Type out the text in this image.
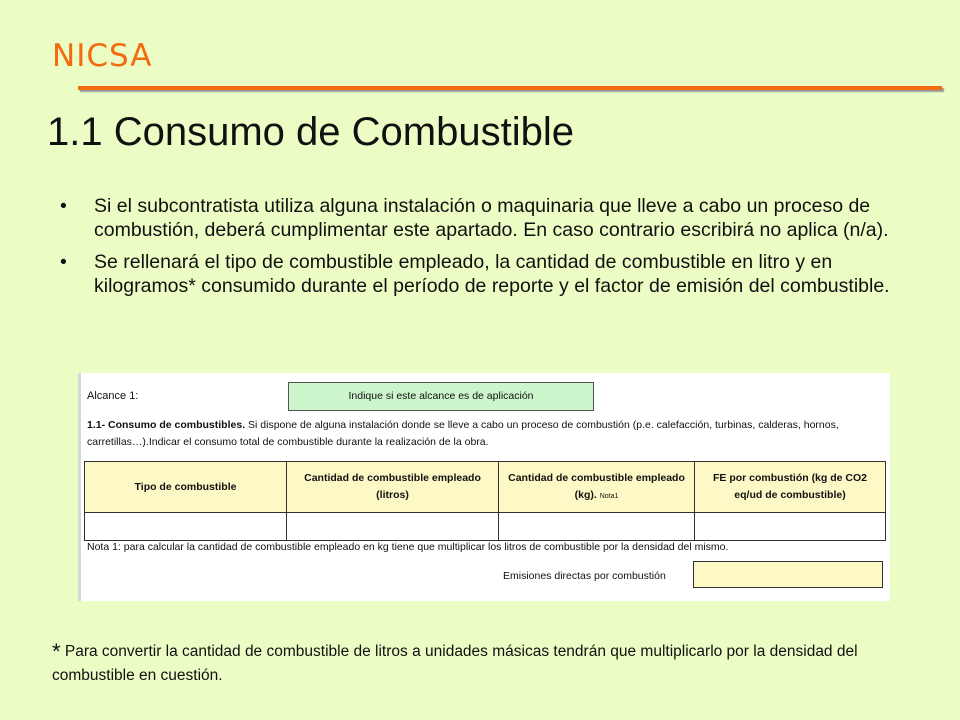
NICSA
1.1 Consumo de Combustible
• Si el subcontratista utiliza alguna instalación o maquinaria que lleve a cabo un proceso de combustión, deberá cumplimentar este apartado. En caso contrario escribirá no aplica (n/a).
• Se rellenará el tipo de combustible empleado, la cantidad de combustible en litro y en kilogramos* consumido durante el período de reporte y el factor de emisión del combustible.
Alcance 1:	Indique si este alcance es de aplicación
1.1- Consumo de combustibles. Si dispone de alguna instalación donde se lleve a cabo un proceso de combustión (p.e. calefacción, turbinas, calderas, hornos, carretillas…).Indicar el consumo total de combustible durante la realización de la obra.
Tipo de combustible	Cantidad de combustible empleado (litros)	Cantidad de combustible empleado (kg). Nota1	FE por combustión (kg de CO2 eq/ud de combustible)

Nota 1: para calcular la cantidad de combustible empleado en kg tiene que multiplicar los litros de combustible por la densidad del mismo.
Emisiones directas por combustión
* Para convertir la cantidad de combustible de litros a unidades másicas tendrán que multiplicarlo por la densidad del combustible en cuestión.
